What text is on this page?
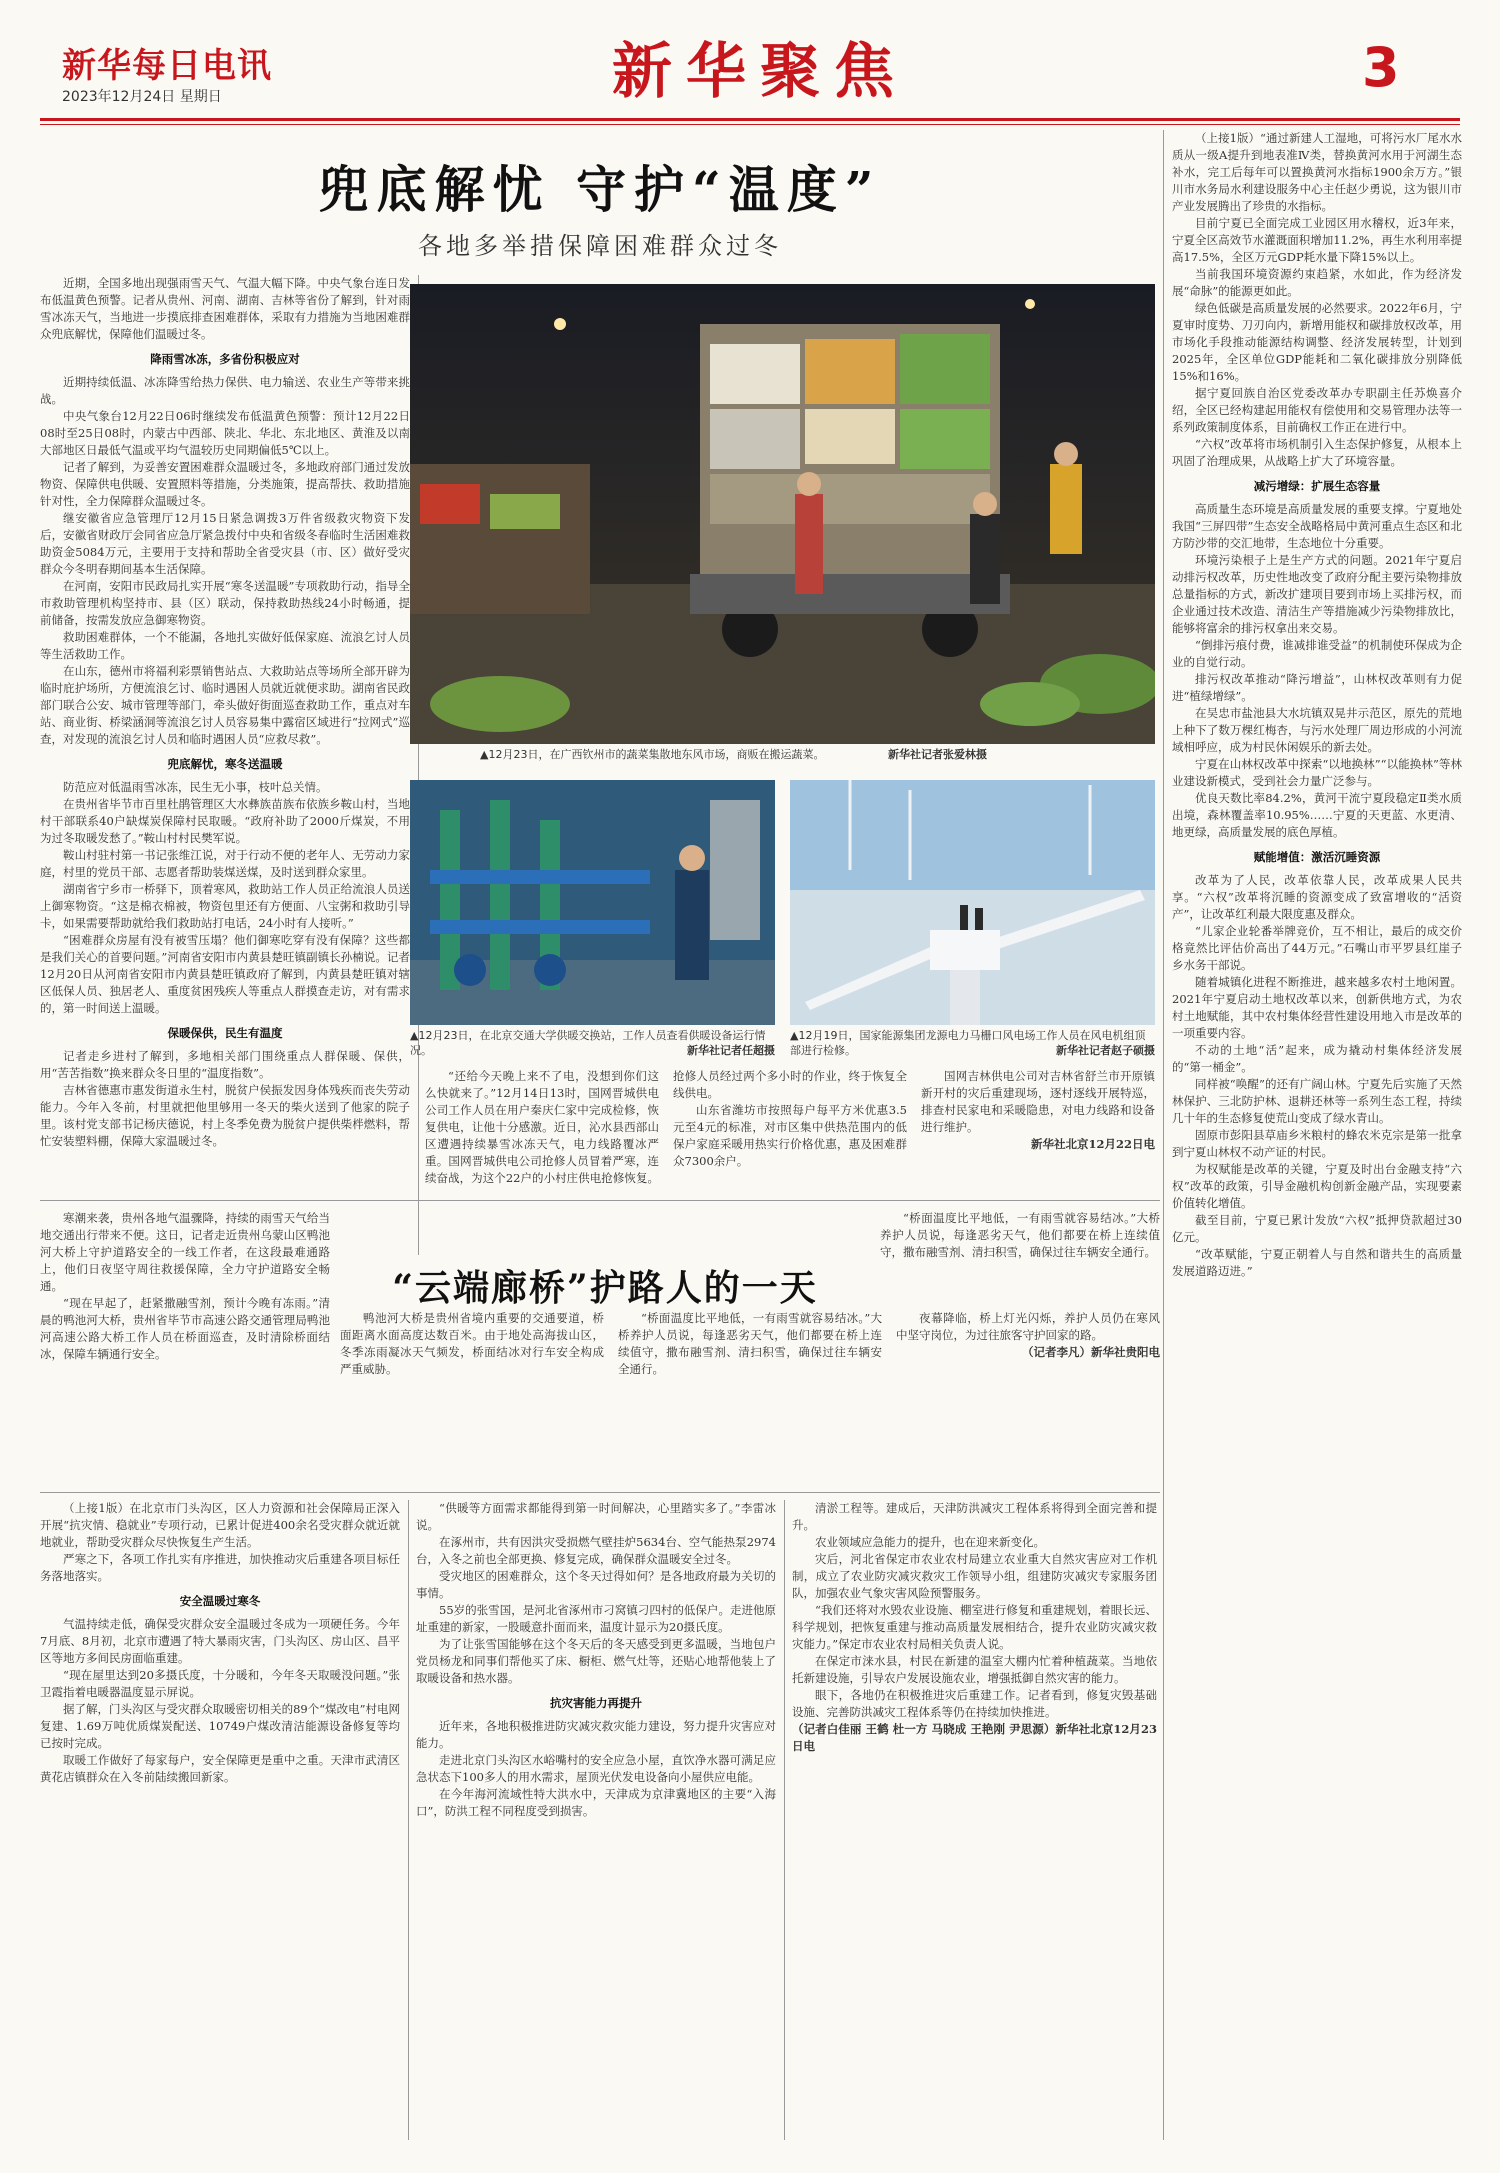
新华每日电讯
2023年12月24日 星期日	新华聚焦	3
兜底解忧 守护“温度”
各地多举措保障困难群众过冬

近期，全国多地出现强雨雪天气、气温大幅下降。中央气象台连日发布低温黄色预警。记者从贵州、河南、湖南、吉林等省份了解到，针对雨雪冰冻天气，当地进一步摸底排查困难群体，采取有力措施为当地困难群众兜底解忧，保障他们温暖过冬。

降雨雪冰冻，多省份积极应对

近期持续低温、冰冻降雪给热力保供、电力输送、农业生产等带来挑战。

中央气象台12月22日06时继续发布低温黄色预警：预计12月22日08时至25日08时，内蒙古中西部、陕北、华北、东北地区、黄淮及以南大部地区日最低气温或平均气温较历史同期偏低5℃以上。

记者了解到，为妥善安置困难群众温暖过冬，多地政府部门通过发放物资、保障供电供暖、安置照料等措施，分类施策，提高帮扶、救助措施针对性，全力保障群众温暖过冬。

继安徽省应急管理厅12月15日紧急调拨3万件省级救灾物资下发后，安徽省财政厅会同省应急厅紧急拨付中央和省级冬春临时生活困难救助资金5084万元，主要用于支持和帮助全省受灾县（市、区）做好受灾群众今冬明春期间基本生活保障。

在河南，安阳市民政局扎实开展“寒冬送温暖”专项救助行动，指导全市救助管理机构坚持市、县（区）联动，保持救助热线24小时畅通，提前储备，按需发放应急御寒物资。

救助困难群体，一个不能漏，各地扎实做好低保家庭、流浪乞讨人员等生活救助工作。

在山东，德州市将福利彩票销售站点、大救助站点等场所全部开辟为临时庇护场所，方便流浪乞讨、临时遇困人员就近就便求助。湖南省民政部门联合公安、城市管理等部门，牵头做好街面巡查救助工作，重点对车站、商业街、桥梁涵洞等流浪乞讨人员容易集中露宿区域进行“拉网式”巡查，对发现的流浪乞讨人员和临时遇困人员“应救尽救”。

兜底解忧，寒冬送温暖

防范应对低温雨雪冰冻，民生无小事，枝叶总关情。

在贵州省毕节市百里杜鹃管理区大水彝族苗族布依族乡鞍山村，当地村干部联系40户缺煤炭保障村民取暖。“政府补助了2000斤煤炭，不用为过冬取暖发愁了。”鞍山村村民樊军说。

鞍山村驻村第一书记张维江说，对于行动不便的老年人、无劳动力家庭，村里的党员干部、志愿者帮助装煤送煤，及时送到群众家里。

湖南省宁乡市一桥驿下，顶着寒风，救助站工作人员正给流浪人员送上御寒物资。“这是棉衣棉被，物资包里还有方便面、八宝粥和救助引导卡，如果需要帮助就给我们救助站打电话，24小时有人接听。”

“困难群众房屋有没有被雪压塌？他们御寒吃穿有没有保障？这些都是我们关心的首要问题。”河南省安阳市内黄县楚旺镇副镇长孙楠说。记者12月20日从河南省安阳市内黄县楚旺镇政府了解到，内黄县楚旺镇对辖区低保人员、独居老人、重度贫困残疾人等重点人群摸查走访，对有需求的，第一时间送上温暖。

保暖保供，民生有温度

记者走乡进村了解到，多地相关部门围绕重点人群保暖、保供，用“苦苦指数”换来群众冬日里的“温度指数”。

吉林省德惠市惠发街道永生村，脱贫户侯振发因身体残疾而丧失劳动能力。今年入冬前，村里就把他里够用一冬天的柴火送到了他家的院子里。该村党支部书记杨庆德说，村上冬季免费为脱贫户提供柴柈燃料，帮忙安装塑料棚，保障大家温暖过冬。

▲12月23日，在广西钦州市的蔬菜集散地东风市场，商贩在搬运蔬菜。	新华社记者张爱林摄
▲12月23日，在北京交通大学供暖交换站，工作人员查看供暖设备运行情况。	新华社记者任超摄
▲12月19日，国家能源集团龙源电力马栅口风电场工作人员在风电机组顶部进行检修。	新华社记者赵子硕摄

“还给今天晚上来不了电，没想到你们这么快就来了。”12月14日13时，国网晋城供电公司工作人员在用户秦庆仁家中完成检修，恢复供电，让他十分感激。近日，沁水县西部山区遭遇持续暴雪冰冻天气，电力线路覆冰严重。国网晋城供电公司抢修人员冒着严寒，连续奋战，为这个22户的小村庄供电抢修恢复。抢修人员经过两个多小时的作业，终于恢复全线供电。

山东省潍坊市按照每户每平方米优惠3.5元至4元的标准，对市区集中供热范围内的低保户家庭采暖用热实行价格优惠，惠及困难群众7300余户。

国网吉林供电公司对吉林省舒兰市开原镇新开村的灾后重建现场，逐村逐线开展特巡，排查村民家电和采暖隐患，对电力线路和设备进行维护。

新华社北京12月22日电

“云端廊桥”护路人的一天

寒潮来袭，贵州各地气温骤降，持续的雨雪天气给当地交通出行带来不便。这日，记者走近贵州乌蒙山区鸭池河大桥上守护道路安全的一线工作者，在这段最难通路上，他们日夜坚守周往救援保障，全力守护道路安全畅通。

“现在早起了，赶紧撒融雪剂，预计今晚有冻雨。”清晨的鸭池河大桥，贵州省毕节市高速公路交通管理局鸭池河高速公路大桥工作人员在桥面巡查，及时清除桥面结冰，保障车辆通行安全。

鸭池河大桥是贵州省境内重要的交通要道，桥面距离水面高度达数百米。由于地处高海拔山区，冬季冻雨凝冰天气频发，桥面结冰对行车安全构成严重威胁。

“桥面温度比平地低，一有雨雪就容易结冰。”大桥养护人员说，每逢恶劣天气，他们都要在桥上连续值守，撒布融雪剂、清扫积雪，确保过往车辆安全通行。

夜幕降临，桥上灯光闪烁，养护人员仍在寒风中坚守岗位，为过往旅客守护回家的路。

（记者李凡）新华社贵阳电

“桥面温度比平地低，一有雨雪就容易结冰。”大桥养护人员说，每逢恶劣天气，他们都要在桥上连续值守，撒布融雪剂、清扫积雪，确保过往车辆安全通行。

（上接1版）在北京市门头沟区，区人力资源和社会保障局正深入开展“抗灾情、稳就业”专项行动，已累计促进400余名受灾群众就近就地就业，帮助受灾群众尽快恢复生产生活。

严寒之下，各项工作扎实有序推进，加快推动灾后重建各项目标任务落地落实。

安全温暖过寒冬

气温持续走低，确保受灾群众安全温暖过冬成为一项硬任务。今年7月底、8月初，北京市遭遇了特大暴雨灾害，门头沟区、房山区、昌平区等地方多间民房面临重建。

“现在屋里达到20多摄氏度，十分暖和，今年冬天取暖没问题。”张卫霞指着电暖器温度显示屏说。

据了解，门头沟区与受灾群众取暖密切相关的89个“煤改电”村电网复建、1.69万吨优质煤炭配送、10749户煤改清洁能源设备修复等均已按时完成。

取暖工作做好了每家每户，安全保障更是重中之重。天津市武清区黄花店镇群众在入冬前陆续搬回新家。

“供暖等方面需求都能得到第一时间解决，心里踏实多了。”李雷冰说。

在涿州市，共有因洪灾受损燃气壁挂炉5634台、空气能热泵2974台，入冬之前也全部更换、修复完成，确保群众温暖安全过冬。

受灾地区的困难群众，这个冬天过得如何？是各地政府最为关切的事情。

55岁的张雪国，是河北省涿州市刁窝镇刁四村的低保户。走进他原址重建的新家，一股暖意扑面而来，温度计显示为20摄氏度。

为了让张雪国能够在这个冬天后的冬天感受到更多温暖，当地包户党员杨龙和同事们帮他买了床、橱柜、燃气灶等，还贴心地帮他装上了取暖设备和热水器。

抗灾害能力再提升

近年来，各地积极推进防灾减灾救灾能力建设，努力提升灾害应对能力。

走进北京门头沟区水峪嘴村的安全应急小屋，直饮净水器可满足应急状态下100多人的用水需求，屋顶光伏发电设备向小屋供应电能。

在今年海河流域性特大洪水中，天津成为京津冀地区的主要“入海口”，防洪工程不同程度受到损害。

清淤工程等。建成后，天津防洪减灾工程体系将得到全面完善和提升。

农业领域应急能力的提升，也在迎来新变化。

灾后，河北省保定市农业农村局建立农业重大自然灾害应对工作机制，成立了农业防灾减灾救灾工作领导小组，组建防灾减灾专家服务团队，加强农业气象灾害风险预警服务。

“我们还将对水毁农业设施、棚室进行修复和重建规划，着眼长远、科学规划，把恢复重建与推动高质量发展相结合，提升农业防灾减灾救灾能力。”保定市农业农村局相关负责人说。

在保定市涞水县，村民在新建的温室大棚内忙着种植蔬菜。当地依托新建设施，引导农户发展设施农业，增强抵御自然灾害的能力。

眼下，各地仍在积极推进灾后重建工作。记者看到，修复灾毁基础设施、完善防洪减灾工程体系等仍在持续加快推进。

（记者白佳丽 王鹤 杜一方 马晓成 王艳刚 尹思源）新华社北京12月23日电

（上接1版）“通过新建人工湿地，可将污水厂尾水水质从一级A提升到地表准Ⅳ类，替换黄河水用于河湖生态补水，完工后每年可以置换黄河水指标1900余万方。”银川市水务局水利建设服务中心主任赵少勇说，这为银川市产业发展腾出了珍贵的水指标。

目前宁夏已全面完成工业园区用水稽权，近3年来，宁夏全区高效节水灌溉面积增加11.2%，再生水利用率提高17.5%，全区万元GDP耗水量下降15%以上。

当前我国环境资源约束趋紧，水如此，作为经济发展“命脉”的能源更如此。

绿色低碳是高质量发展的必然要求。2022年6月，宁夏审时度势、刀刃向内，新增用能权和碳排放权改革，用市场化手段推动能源结构调整、经济发展转型，计划到2025年，全区单位GDP能耗和二氧化碳排放分别降低15%和16%。

据宁夏回族自治区党委改革办专职副主任苏焕喜介绍，全区已经构建起用能权有偿使用和交易管理办法等一系列政策制度体系，目前确权工作正在进行中。

“六权”改革将市场机制引入生态保护修复，从根本上巩固了治理成果，从战略上扩大了环境容量。

减污增绿：扩展生态容量

高质量生态环境是高质量发展的重要支撑。宁夏地处我国“三屏四带”生态安全战略格局中黄河重点生态区和北方防沙带的交汇地带，生态地位十分重要。

环境污染根子上是生产方式的问题。2021年宁夏启动排污权改革，历史性地改变了政府分配主要污染物排放总量指标的方式，新改扩建项目要到市场上买排污权，而企业通过技术改造、清洁生产等措施减少污染物排放比，能够将富余的排污权拿出来交易。

“倒排污痕付费，谁减排谁受益”的机制使环保成为企业的自觉行动。

排污权改革推动“降污增益”，山林权改革则有力促进“植绿增绿”。

在吴忠市盐池县大水坑镇双晃井示范区，原先的荒地上种下了数万棵红梅杏，与污水处理厂周边形成的小河流域相呼应，成为村民休闲娱乐的新去处。

宁夏在山林权改革中探索“以地换林”“以能换林”等林业建设新模式，受到社会力量广泛参与。

优良天数比率84.2%，黄河干流宁夏段稳定Ⅱ类水质出境，森林覆盖率10.95%……宁夏的天更蓝、水更清、地更绿，高质量发展的底色厚植。

赋能增值：激活沉睡资源

改革为了人民，改革依靠人民，改革成果人民共享。“六权”改革将沉睡的资源变成了致富增收的“活资产”，让改革红利最大限度惠及群众。

“儿家企业轮番举牌竞价，互不相让，最后的成交价格竟然比评估价高出了44万元。”石嘴山市平罗县红崖子乡水务干部说。

随着城镇化进程不断推进，越来越多农村土地闲置。2021年宁夏启动土地权改革以来，创新供地方式，为农村土地赋能，其中农村集体经营性建设用地入市是改革的一项重要内容。

不动的土地“活”起来，成为撬动村集体经济发展的“第一桶金”。

同样被“唤醒”的还有广阔山林。宁夏先后实施了天然林保护、三北防护林、退耕还林等一系列生态工程，持续几十年的生态修复使荒山变成了绿水青山。

固原市彭阳县草庙乡米粮村的蜂农米克宗是第一批拿到宁夏山林权不动产证的村民。

为权赋能是改革的关键，宁夏及时出台金融支持“六权”改革的政策，引导金融机构创新金融产品，实现要素价值转化增值。

截至目前，宁夏已累计发放“六权”抵押贷款超过30亿元。

“改革赋能，宁夏正朝着人与自然和谐共生的高质量发展道路迈进。”
